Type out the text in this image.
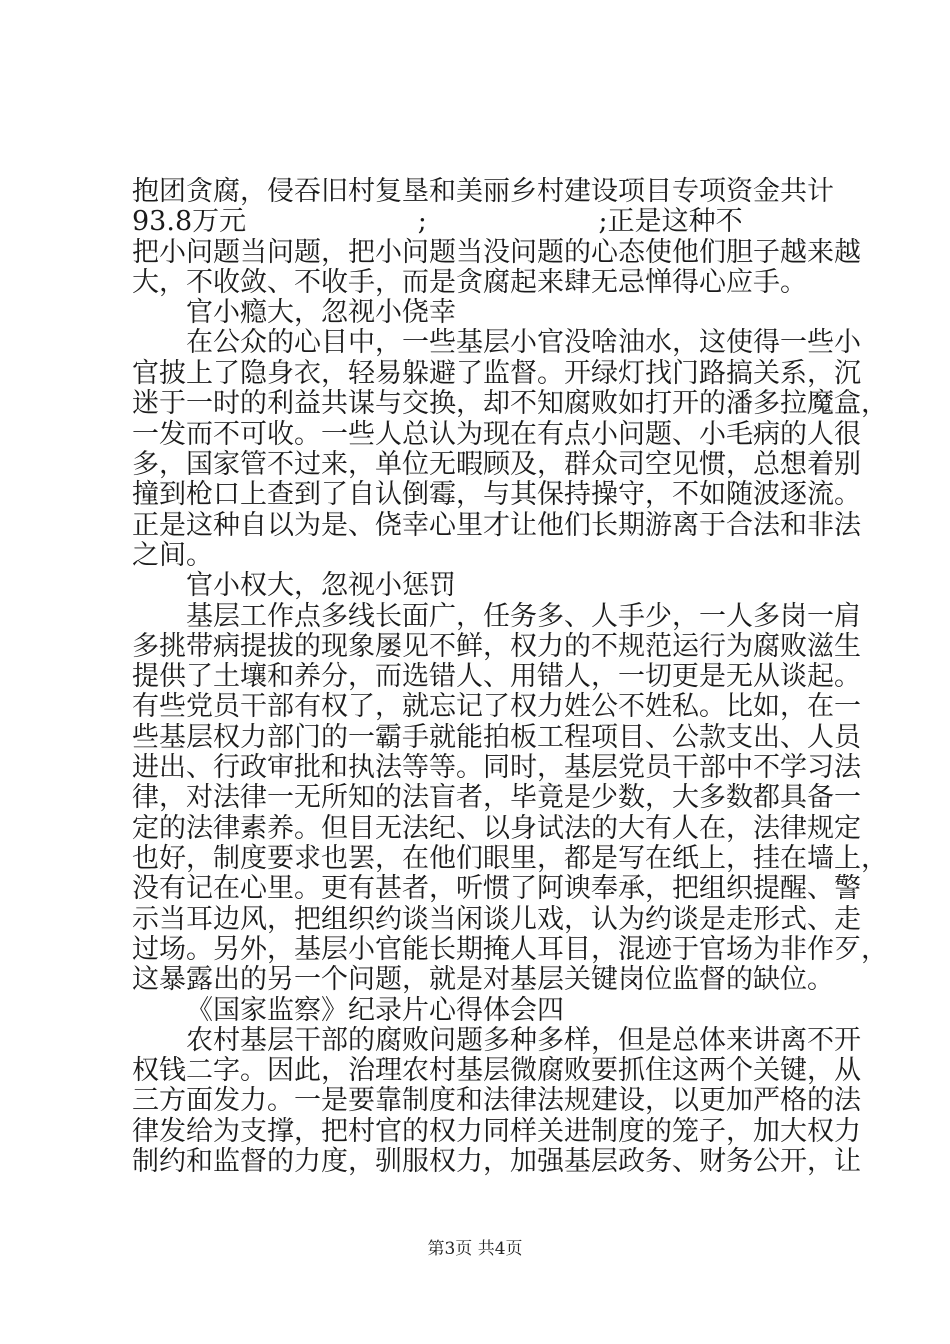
抱团贪腐，侵吞旧村复垦和美丽乡村建设项目专项资金共计
93.8万元                    ;                    ;正是这种不
把小问题当问题，把小问题当没问题的心态使他们胆子越来越
大，不收敛、不收手，而是贪腐起来肆无忌惮得心应手。
官小瘾大，忽视小侥幸
在公众的心目中，一些基层小官没啥油水，这使得一些小
官披上了隐身衣，轻易躲避了监督。开绿灯找门路搞关系，沉
迷于一时的利益共谋与交换，却不知腐败如打开的潘多拉魔盒，
一发而不可收。一些人总认为现在有点小问题、小毛病的人很
多，国家管不过来，单位无暇顾及，群众司空见惯，总想着别
撞到枪口上查到了自认倒霉，与其保持操守，不如随波逐流。
正是这种自以为是、侥幸心里才让他们长期游离于合法和非法
之间。
官小权大，忽视小惩罚
基层工作点多线长面广，任务多、人手少，一人多岗一肩
多挑带病提拔的现象屡见不鲜，权力的不规范运行为腐败滋生
提供了土壤和养分，而选错人、用错人，一切更是无从谈起。
有些党员干部有权了，就忘记了权力姓公不姓私。比如，在一
些基层权力部门的一霸手就能拍板工程项目、公款支出、人员
进出、行政审批和执法等等。同时，基层党员干部中不学习法
律，对法律一无所知的法盲者，毕竟是少数，大多数都具备一
定的法律素养。但目无法纪、以身试法的大有人在，法律规定
也好，制度要求也罢，在他们眼里，都是写在纸上，挂在墙上，
没有记在心里。更有甚者，听惯了阿谀奉承，把组织提醒、警
示当耳边风，把组织约谈当闲谈儿戏，认为约谈是走形式、走
过场。另外，基层小官能长期掩人耳目，混迹于官场为非作歹，
这暴露出的另一个问题，就是对基层关键岗位监督的缺位。
《国家监察》纪录片心得体会四
农村基层干部的腐败问题多种多样，但是总体来讲离不开
权钱二字。因此，治理农村基层微腐败要抓住这两个关键，从
三方面发力。一是要靠制度和法律法规建设，以更加严格的法
律发给为支撑，把村官的权力同样关进制度的笼子，加大权力
制约和监督的力度，驯服权力，加强基层政务、财务公开，让
第3页 共4页
